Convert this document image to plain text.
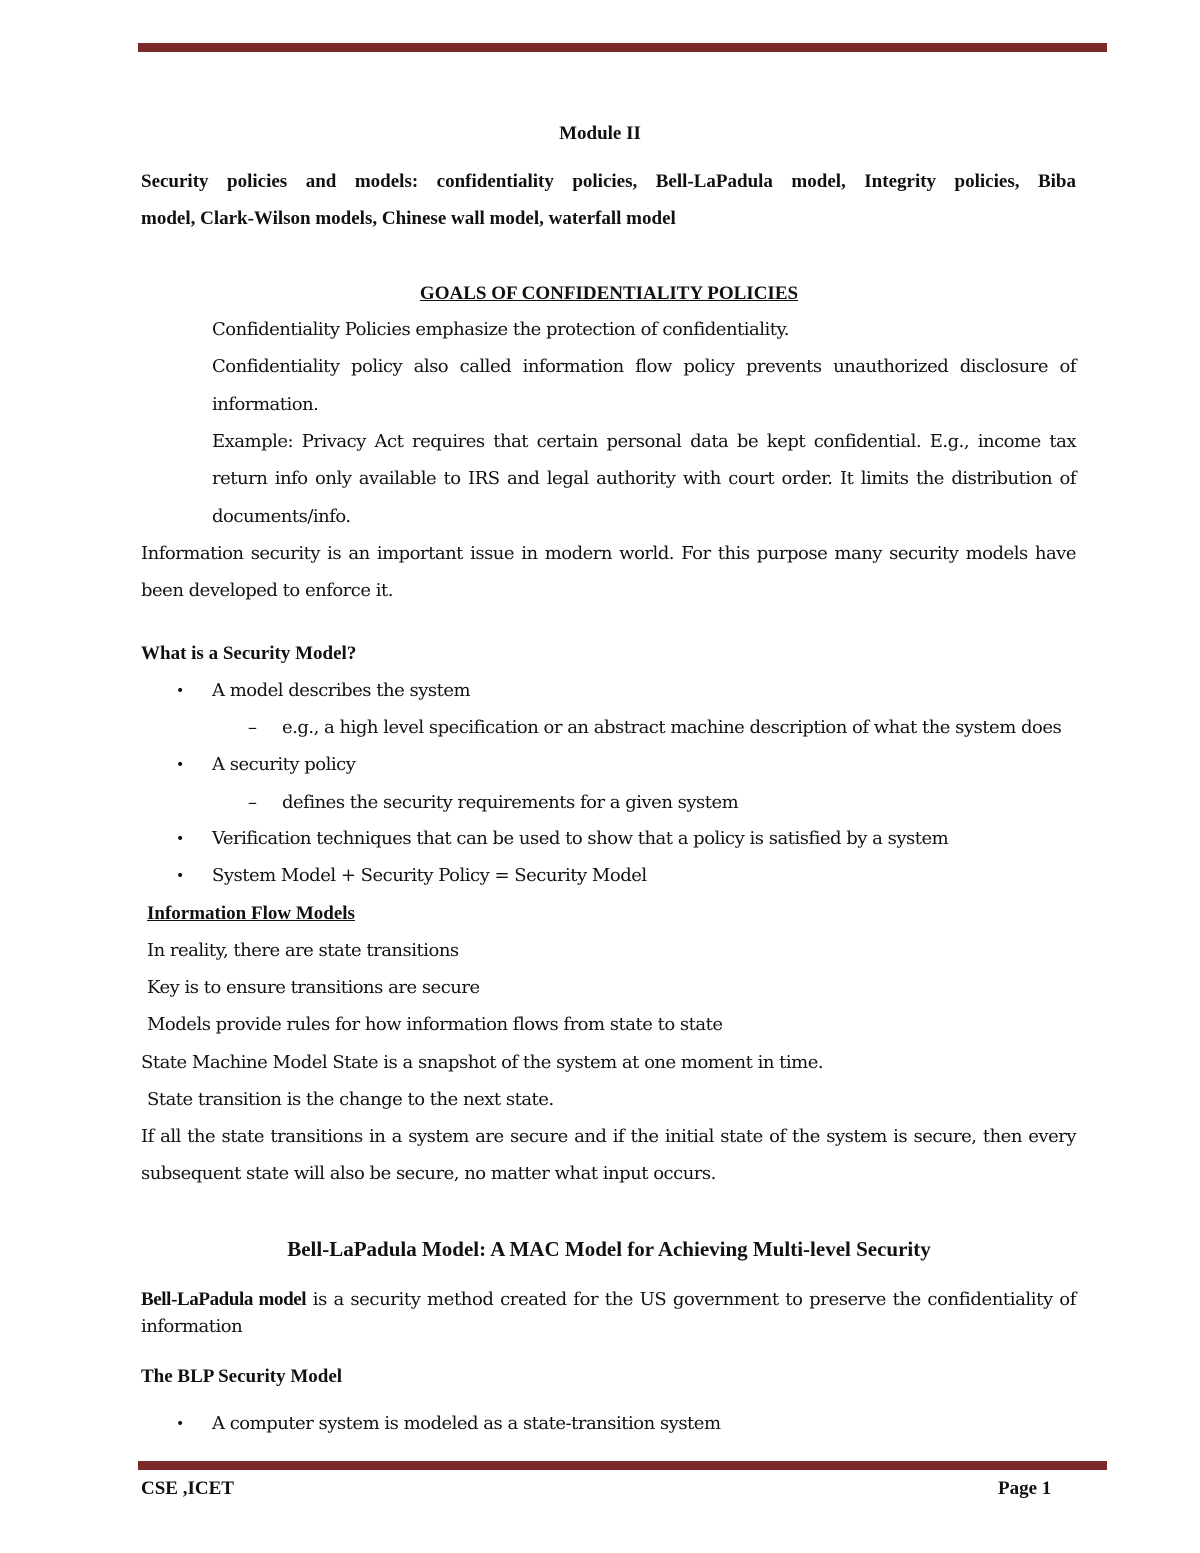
Module II

Security policies and models: confidentiality policies, Bell-LaPadula model, Integrity policies, Biba

model, Clark-Wilson models, Chinese wall model, waterfall model

GOALS OF CONFIDENTIALITY POLICIES

Confidentiality Policies emphasize the protection of confidentiality.

Confidentiality policy also called information flow policy prevents unauthorized disclosure of

information.

Example: Privacy Act requires that certain personal data be kept confidential. E.g., income tax

return info only available to IRS and legal authority with court order. It limits the distribution of

documents/info.

Information security is an important issue in modern world. For this purpose many security models have

been developed to enforce it.

What is a Security Model?

• A model describes the system

– e.g., a high level specification or an abstract machine description of what the system does

• A security policy

– defines the security requirements for a given system

• Verification techniques that can be used to show that a policy is satisfied by a system

• System Model + Security Policy = Security Model

Information Flow Models

In reality, there are state transitions

Key is to ensure transitions are secure

Models provide rules for how information flows from state to state

State Machine Model State is a snapshot of the system at one moment in time.

State transition is the change to the next state.

If all the state transitions in a system are secure and if the initial state of the system is secure, then every

subsequent state will also be secure, no matter what input occurs.

Bell-LaPadula Model: A MAC Model for Achieving Multi-level Security

Bell-LaPadula model is a security method created for the US government to preserve the confidentiality of

information

The BLP Security Model

• A computer system is modeled as a state-transition system

CSE ,ICET	Page 1
